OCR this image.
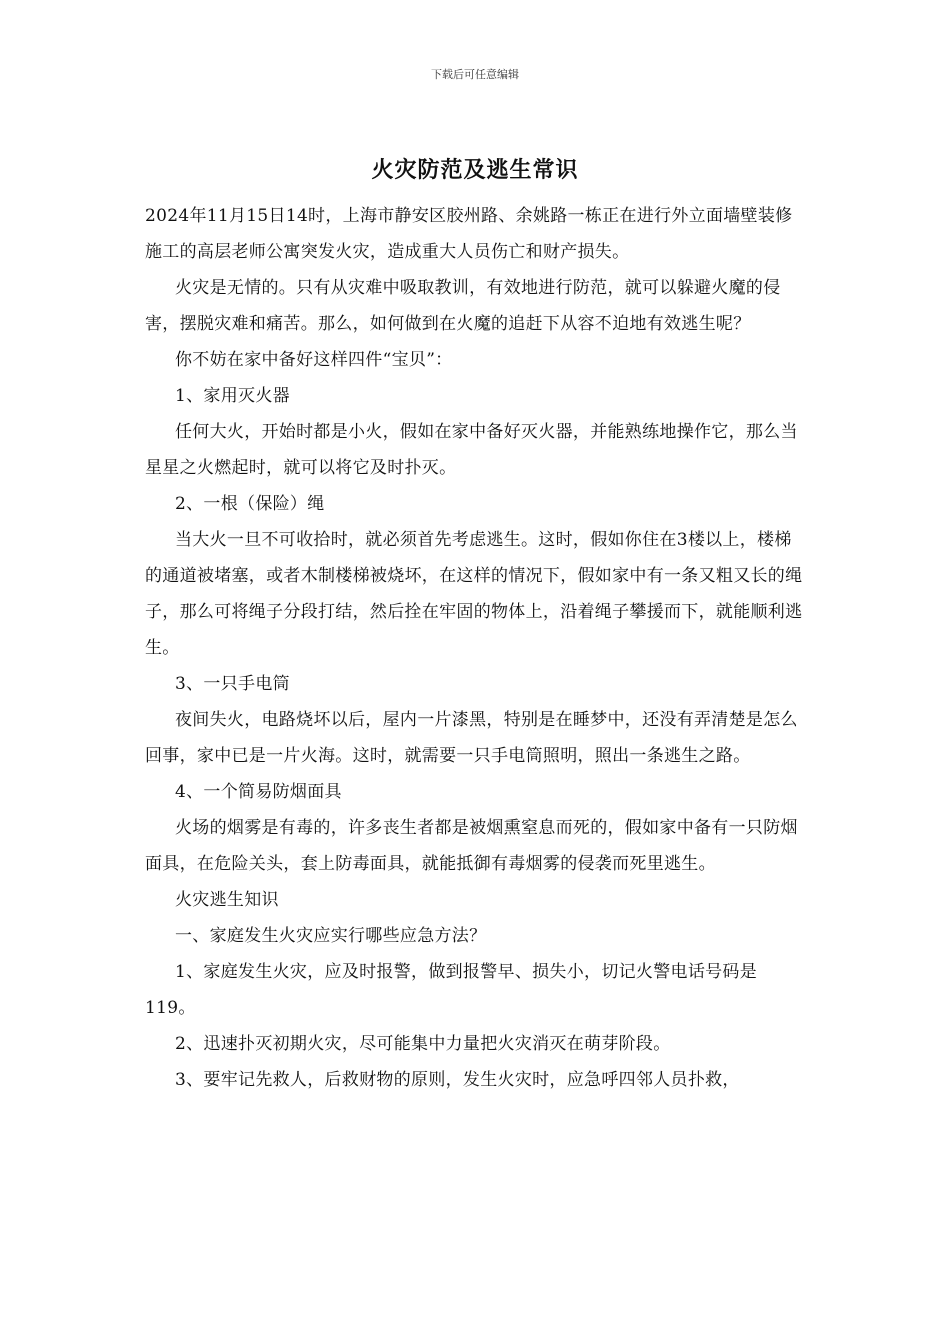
下载后可任意编辑
火灾防范及逃生常识

2024年11月15日14时，上海市静安区胶州路、余姚路一栋正在进行外立面墙壁装修施工的高层老师公寓突发火灾，造成重大人员伤亡和财产损失。

火灾是无情的。只有从灾难中吸取教训，有效地进行防范，就可以躲避火魔的侵害，摆脱灾难和痛苦。那么，如何做到在火魔的追赶下从容不迫地有效逃生呢？

你不妨在家中备好这样四件“宝贝”：

1、家用灭火器

任何大火，开始时都是小火，假如在家中备好灭火器，并能熟练地操作它，那么当星星之火燃起时，就可以将它及时扑灭。

2、一根（保险）绳

当大火一旦不可收拾时，就必须首先考虑逃生。这时，假如你住在3楼以上，楼梯的通道被堵塞，或者木制楼梯被烧坏，在这样的情况下，假如家中有一条又粗又长的绳子，那么可将绳子分段打结，然后拴在牢固的物体上，沿着绳子攀援而下，就能顺利逃生。

3、一只手电筒

夜间失火，电路烧坏以后，屋内一片漆黑，特别是在睡梦中，还没有弄清楚是怎么回事，家中已是一片火海。这时，就需要一只手电筒照明，照出一条逃生之路。

4、一个简易防烟面具

火场的烟雾是有毒的，许多丧生者都是被烟熏窒息而死的，假如家中备有一只防烟面具，在危险关头，套上防毒面具，就能抵御有毒烟雾的侵袭而死里逃生。

火灾逃生知识

一、家庭发生火灾应实行哪些应急方法？

1、家庭发生火灾，应及时报警，做到报警早、损失小，切记火警电话号码是119。

2、迅速扑灭初期火灾，尽可能集中力量把火灾消灭在萌芽阶段。

3、要牢记先救人，后救财物的原则，发生火灾时，应急呼四邻人员扑救，
